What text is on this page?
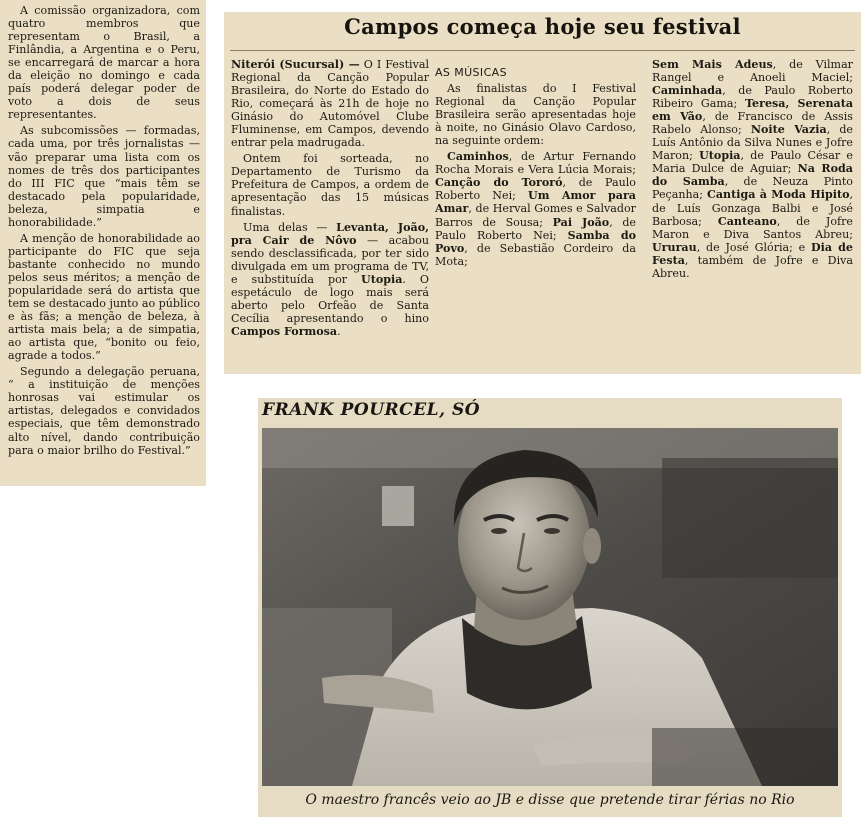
A comissão organizadora, com quatro membros que representam o Brasil, a Finlândia, a Argentina e o Peru, se encarregará de marcar a hora da eleição no domingo e cada país poderá delegar poder de voto a dois de seus representantes.

As subcomissões — formadas, cada uma, por três jornalistas — vão preparar uma lista com os nomes de três dos participantes do III FIC que “mais têm se destacado pela popularidade, beleza, simpatia e honorabilidade.”

A menção de honorabilidade ao participante do FIC que seja bastante conhecido no mundo pelos seus méritos; a menção de popularidade será do artista que tem se destacado junto ao público e às fãs; a menção de beleza, à artista mais bela; a de simpatia, ao artista que, “bonito ou feio, agrade a todos.”

Segundo a delegação peruana, “ a instituição de menções honrosas vai estimular os artistas, delegados e convidados especiais, que têm demonstrado alto nível, dando contribuição para o maior brilho do Festival.”

Campos começa hoje seu festival

Niterói (Sucursal) — O I Festival Regional da Canção Popular Brasileira, do Norte do Estado do Rio, começará às 21h de hoje no Ginásio do Automóvel Clube Fluminense, em Campos, devendo entrar pela madrugada.

Ontem foi sorteada, no Departamento de Turismo da Prefeitura de Campos, a ordem de apresentação das 15 músicas finalistas.

Uma delas — Levanta, João, pra Cair de Nôvo — acabou sendo desclassificada, por ter sido divulgada em um programa de TV, e substituída por Utopia. O espetáculo de logo mais será aberto pelo Orfeão de Santa Cecília apresentando o hino Campos Formosa.

AS MÚSICAS

As finalistas do I Festival Regional da Canção Popular Brasileira serão apresentadas hoje à noite, no Ginásio Olavo Cardoso, na seguinte ordem:

Caminhos, de Artur Fernando Rocha Morais e Vera Lúcia Morais; Canção do Tororó, de Paulo Roberto Nei; Um Amor para Amar, de Herval Gomes e Salvador Barros de Sousa; Pai João, de Paulo Roberto Nei; Samba do Povo, de Sebastião Cordeiro da Mota;

Sem Mais Adeus, de Vilmar Rangel e Anoeli Maciel; Caminhada, de Paulo Roberto Ribeiro Gama; Teresa, Serenata em Vão, de Francisco de Assis Rabelo Alonso; Noite Vazia, de Luís Antônio da Silva Nunes e Jofre Maron; Utopia, de Paulo César e Maria Dulce de Aguiar; Na Roda do Samba, de Neuza Pinto Peçanha; Cantiga à Moda Hipito, de Luís Gonzaga Balbi e José Barbosa; Canteano, de Jofre Maron e Diva Santos Abreu; Ururau, de José Glória; e Dia de Festa, também de Jofre e Diva Abreu.

FRANK POURCEL, SÓ
O maestro francês veio ao JB e disse que pretende tirar férias no Rio
